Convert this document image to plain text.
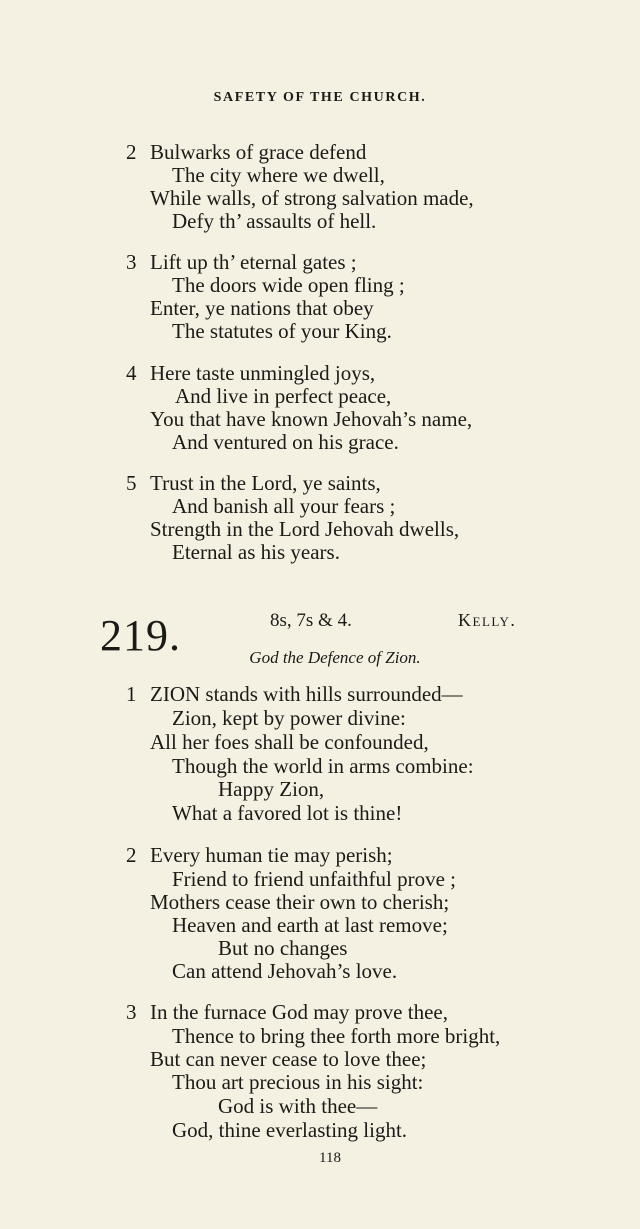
SAFETY OF THE CHURCH.
2 Bulwarks of grace defend
The city where we dwell,
While walls, of strong salvation made,
Defy th’ assaults of hell.
3 Lift up th’ eternal gates ;
The doors wide open fling ;
Enter, ye nations that obey
The statutes of your King.
4 Here taste unmingled joys,
And live in perfect peace,
You that have known Jehovah’s name,
And ventured on his grace.
5 Trust in the Lord, ye saints,
And banish all your fears ;
Strength in the Lord Jehovah dwells,
Eternal as his years.
219.	8s, 7s & 4.	Kelly.
God the Defence of Zion.
1 ZION stands with hills surrounded—
Zion, kept by power divine:
All her foes shall be confounded,
Though the world in arms combine:
Happy Zion,
What a favored lot is thine!
2 Every human tie may perish;
Friend to friend unfaithful prove ;
Mothers cease their own to cherish;
Heaven and earth at last remove;
But no changes
Can attend Jehovah’s love.
3 In the furnace God may prove thee,
Thence to bring thee forth more bright,
But can never cease to love thee;
Thou art precious in his sight:
God is with thee—
God, thine everlasting light.
118
